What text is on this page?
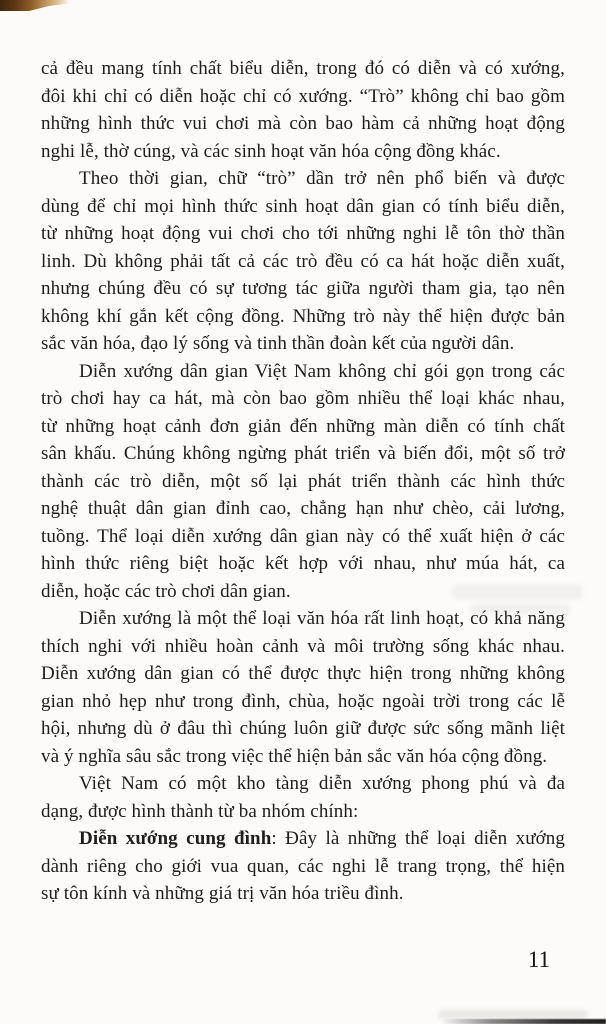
cả đều mang tính chất biểu diễn, trong đó có diễn và có xướng,
đôi khi chỉ có diễn hoặc chỉ có xướng. “Trò” không chỉ bao gồm
những hình thức vui chơi mà còn bao hàm cả những hoạt động
nghi lễ, thờ cúng, và các sinh hoạt văn hóa cộng đồng khác.

Theo thời gian, chữ “trò” dần trở nên phổ biến và được
dùng để chỉ mọi hình thức sinh hoạt dân gian có tính biểu diễn,
từ những hoạt động vui chơi cho tới những nghi lễ tôn thờ thần
linh. Dù không phải tất cả các trò đều có ca hát hoặc diễn xuất,
nhưng chúng đều có sự tương tác giữa người tham gia, tạo nên
không khí gắn kết cộng đồng. Những trò này thể hiện được bản
sắc văn hóa, đạo lý sống và tinh thần đoàn kết của người dân.

Diễn xướng dân gian Việt Nam không chỉ gói gọn trong các
trò chơi hay ca hát, mà còn bao gồm nhiều thể loại khác nhau,
từ những hoạt cảnh đơn giản đến những màn diễn có tính chất
sân khấu. Chúng không ngừng phát triển và biến đổi, một số trở
thành các trò diễn, một số lại phát triển thành các hình thức
nghệ thuật dân gian đỉnh cao, chẳng hạn như chèo, cải lương,
tuồng. Thể loại diễn xướng dân gian này có thể xuất hiện ở các
hình thức riêng biệt hoặc kết hợp với nhau, như múa hát, ca
diễn, hoặc các trò chơi dân gian.

Diễn xướng là một thể loại văn hóa rất linh hoạt, có khả năng
thích nghi với nhiều hoàn cảnh và môi trường sống khác nhau.
Diễn xướng dân gian có thể được thực hiện trong những không
gian nhỏ hẹp như trong đình, chùa, hoặc ngoài trời trong các lễ
hội, nhưng dù ở đâu thì chúng luôn giữ được sức sống mãnh liệt
và ý nghĩa sâu sắc trong việc thể hiện bản sắc văn hóa cộng đồng.

Việt Nam có một kho tàng diễn xướng phong phú và đa
dạng, được hình thành từ ba nhóm chính:

Diễn xướng cung đình: Đây là những thể loại diễn xướng
dành riêng cho giới vua quan, các nghi lễ trang trọng, thể hiện
sự tôn kính và những giá trị văn hóa triều đình.

11
